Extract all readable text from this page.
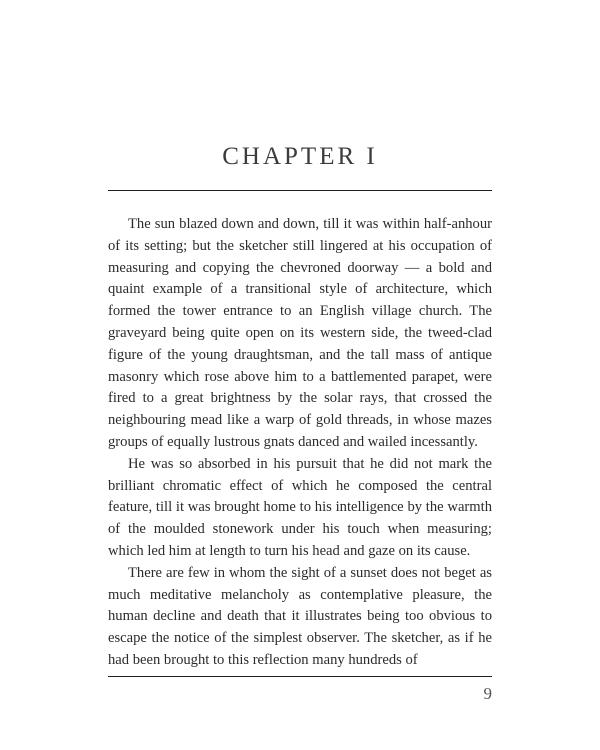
CHAPTER I

The sun blazed down and down, till it was within half-anhour of its setting; but the sketcher still lingered at his occupation of measuring and copying the chevroned doorway — a bold and quaint example of a transitional style of architecture, which formed the tower entrance to an English village church. The graveyard being quite open on its western side, the tweed-clad figure of the young draughtsman, and the tall mass of antique masonry which rose above him to a battlemented parapet, were fired to a great brightness by the solar rays, that crossed the neighbouring mead like a warp of gold threads, in whose mazes groups of equally lustrous gnats danced and wailed incessantly.

He was so absorbed in his pursuit that he did not mark the brilliant chromatic effect of which he composed the central feature, till it was brought home to his intelligence by the warmth of the moulded stonework under his touch when measuring; which led him at length to turn his head and gaze on its cause.

There are few in whom the sight of a sunset does not beget as much meditative melancholy as contemplative pleasure, the human decline and death that it illustrates being too obvious to escape the notice of the simplest observer. The sketcher, as if he had been brought to this reflection many hundreds of

9
